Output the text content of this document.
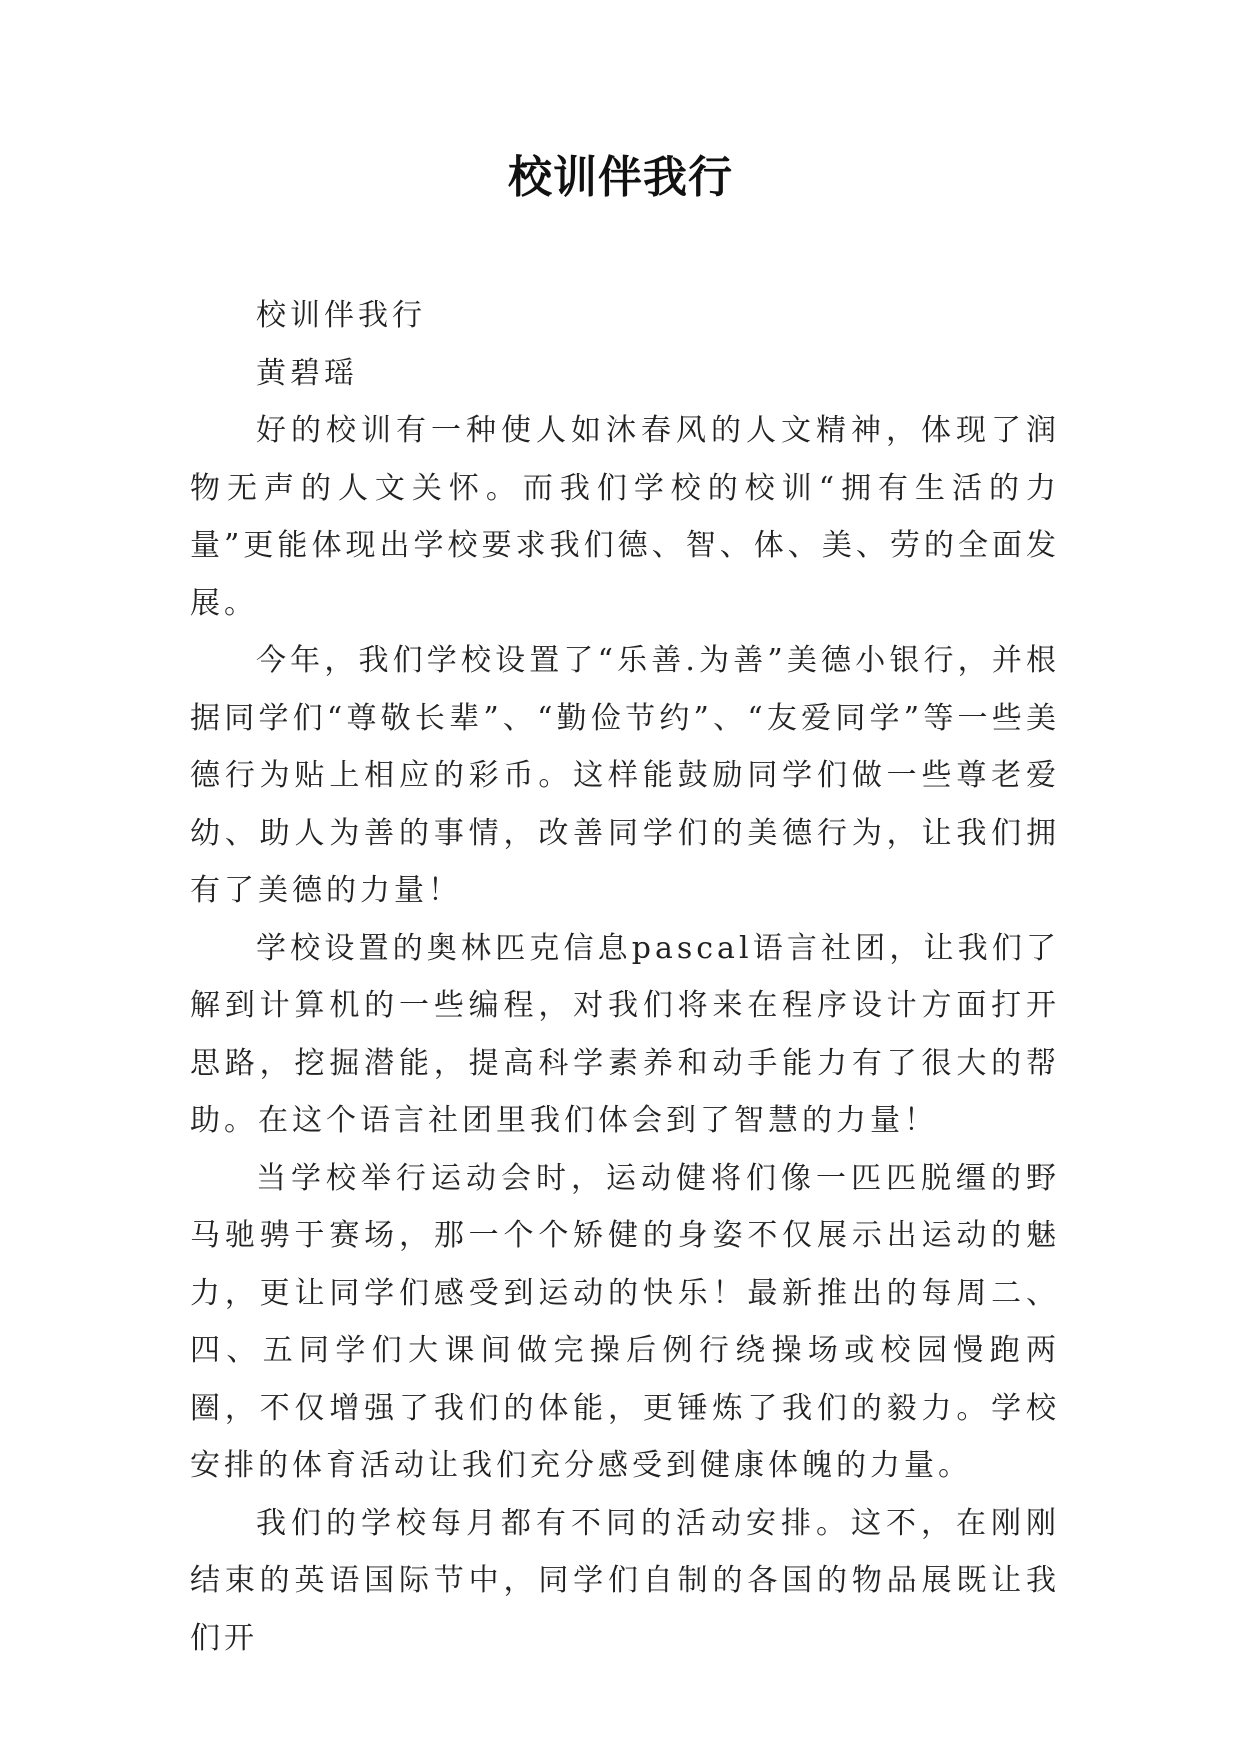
校训伴我行

校训伴我行

黄碧瑶

好的校训有一种使人如沐春风的人文精神，体现了润物无声的人文关怀。而我们学校的校训“拥有生活的力量”更能体现出学校要求我们德、智、体、美、劳的全面发展。

今年，我们学校设置了“乐善.为善”美德小银行，并根据同学们“尊敬长辈”、“勤俭节约”、“友爱同学”等一些美德行为贴上相应的彩币。这样能鼓励同学们做一些尊老爱幼、助人为善的事情，改善同学们的美德行为，让我们拥有了美德的力量！

学校设置的奥林匹克信息pascal语言社团，让我们了解到计算机的一些编程，对我们将来在程序设计方面打开思路，挖掘潜能，提高科学素养和动手能力有了很大的帮助。在这个语言社团里我们体会到了智慧的力量！

当学校举行运动会时，运动健将们像一匹匹脱缰的野马驰骋于赛场，那一个个矫健的身姿不仅展示出运动的魅力，更让同学们感受到运动的快乐！最新推出的每周二、四、五同学们大课间做完操后例行绕操场或校园慢跑两圈，不仅增强了我们的体能，更锤炼了我们的毅力。学校安排的体育活动让我们充分感受到健康体魄的力量。

我们的学校每月都有不同的活动安排。这不，在刚刚结束的英语国际节中，同学们自制的各国的物品展既让我们开
